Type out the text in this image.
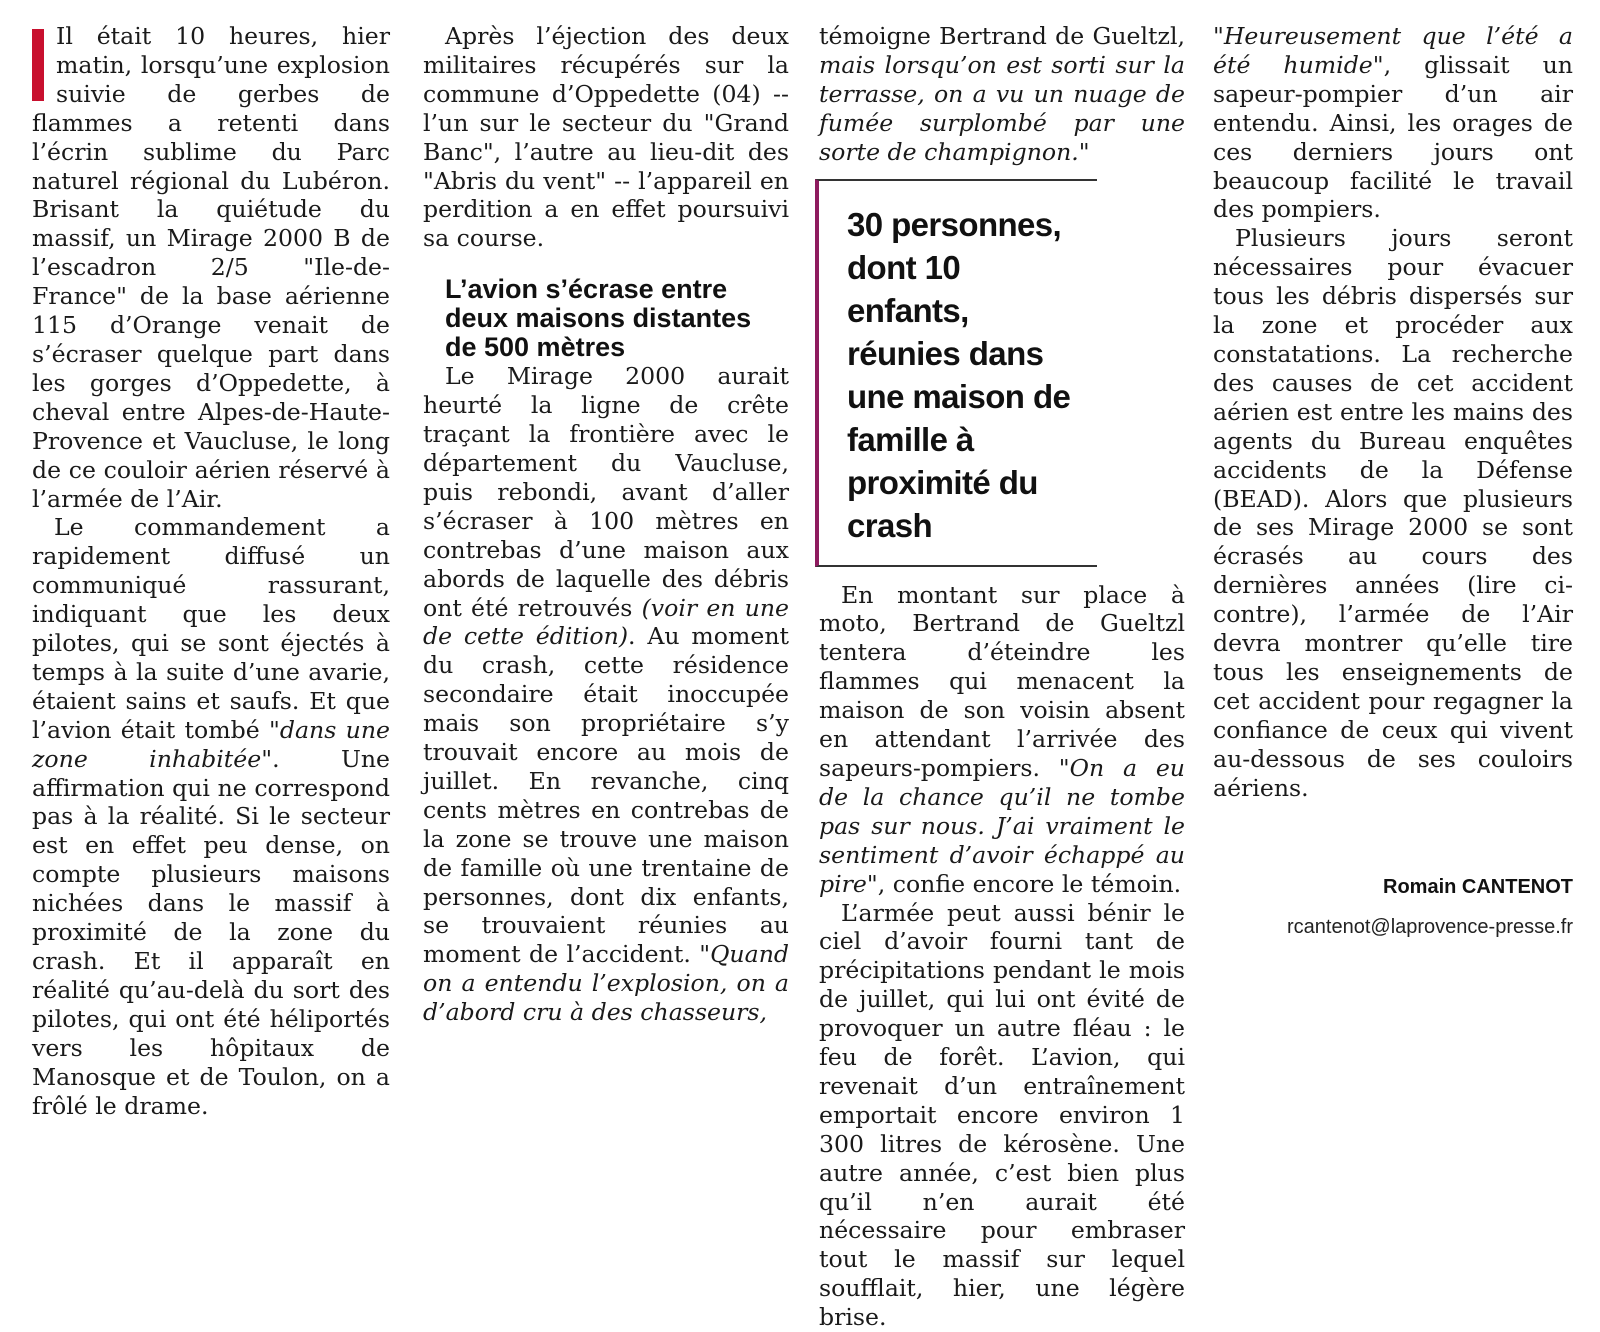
Il était 10 heures, hier matin, lorsqu’une explosion suivie de gerbes de flammes a retenti dans l’écrin sublime du Parc naturel régional du Lubéron. Brisant la quiétude du massif, un Mirage 2000 B de l’escadron 2/5 "Ile-de-France" de la base aérienne 115 d’Orange venait de s’écraser quelque part dans les gorges d’Oppedette, à cheval entre Alpes-de-Haute-Provence et Vaucluse, le long de ce couloir aérien réservé à l’armée de l’Air.

Le commandement a rapidement diffusé un communiqué rassurant, indiquant que les deux pilotes, qui se sont éjectés à temps à la suite d’une avarie, étaient sains et saufs. Et que l’avion était tombé "dans une zone inhabitée". Une affirmation qui ne correspond pas à la réalité. Si le secteur est en effet peu dense, on compte plusieurs maisons nichées dans le massif à proximité de la zone du crash. Et il apparaît en réalité qu’au-delà du sort des pilotes, qui ont été héliportés vers les hôpitaux de Manosque et de Toulon, on a frôlé le drame.

Après l’éjection des deux militaires récupérés sur la commune d’Oppedette (04) -- l’un sur le secteur du "Grand Banc", l’autre au lieu-dit des "Abris du vent" -- l’appareil en perdition a en effet poursuivi sa course.

L’avion s’écrase entre deux maisons distantes de 500 mètres

Le Mirage 2000 aurait heurté la ligne de crête traçant la frontière avec le département du Vaucluse, puis rebondi, avant d’aller s’écraser à 100 mètres en contrebas d’une maison aux abords de laquelle des débris ont été retrouvés (voir en une de cette édition). Au moment du crash, cette résidence secondaire était inoccupée mais son propriétaire s’y trouvait encore au mois de juillet. En revanche, cinq cents mètres en contrebas de la zone se trouve une maison de famille où une trentaine de personnes, dont dix enfants, se trouvaient réunies au moment de l’accident. "Quand on a entendu l’explosion, on a d’abord cru à des chasseurs,

témoigne Bertrand de Gueltzl, mais lorsqu’on est sorti sur la terrasse, on a vu un nuage de fumée surplombé par une sorte de champignon."

30 personnes, dont 10 enfants, réunies dans une maison de famille à proximité du crash

En montant sur place à moto, Bertrand de Gueltzl tentera d’éteindre les flammes qui menacent la maison de son voisin absent en attendant l’arrivée des sapeurs-pompiers. "On a eu de la chance qu’il ne tombe pas sur nous. J’ai vraiment le sentiment d’avoir échappé au pire", confie encore le témoin.

L’armée peut aussi bénir le ciel d’avoir fourni tant de précipitations pendant le mois de juillet, qui lui ont évité de provoquer un autre fléau : le feu de forêt. L’avion, qui revenait d’un entraînement emportait encore environ 1 300 litres de kérosène. Une autre année, c’est bien plus qu’il n’en aurait été nécessaire pour embraser tout le massif sur lequel soufflait, hier, une légère brise.

"Heureusement que l’été a été humide", glissait un sapeur-pompier d’un air entendu. Ainsi, les orages de ces derniers jours ont beaucoup facilité le travail des pompiers.

Plusieurs jours seront nécessaires pour évacuer tous les débris dispersés sur la zone et procéder aux constatations. La recherche des causes de cet accident aérien est entre les mains des agents du Bureau enquêtes accidents de la Défense (BEAD). Alors que plusieurs de ses Mirage 2000 se sont écrasés au cours des dernières années (lire ci-contre), l’armée de l’Air devra montrer qu’elle tire tous les enseignements de cet accident pour regagner la confiance de ceux qui vivent au-dessous de ses couloirs aériens.

Romain CANTENOT
rcantenot@laprovence-presse.fr
